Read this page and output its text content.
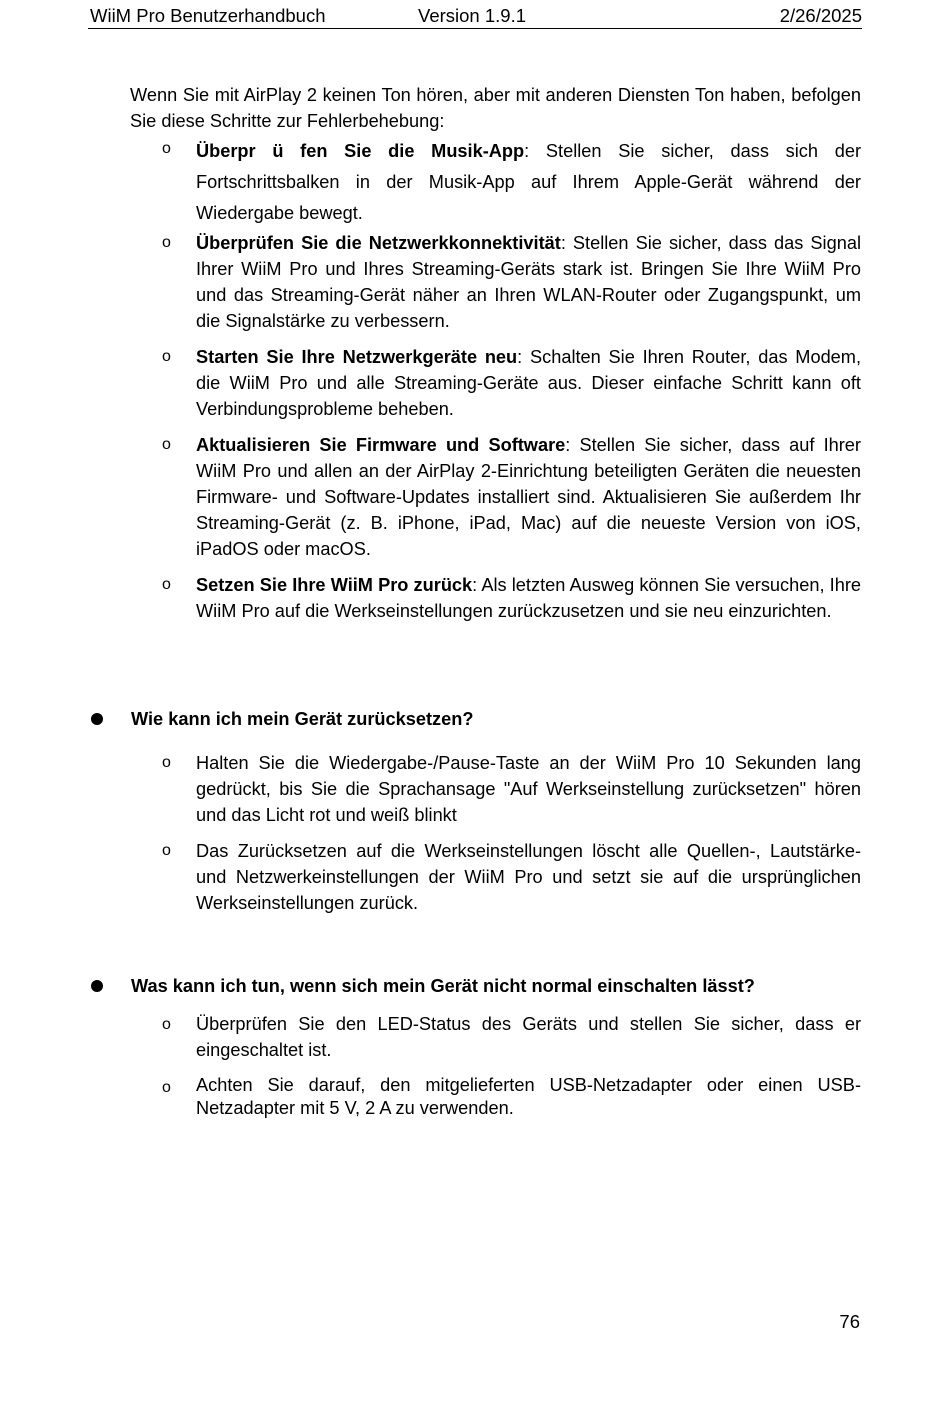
WiiM Pro Benutzerhandbuch	Version 1.9.1	2/26/2025

Wenn Sie mit AirPlay 2 keinen Ton hören, aber mit anderen Diensten Ton haben, befolgen Sie diese Schritte zur Fehlerbehebung:

o Überpr ü fen Sie die Musik-App: Stellen Sie sicher, dass sich der Fortschrittsbalken in der Musik-App auf Ihrem Apple-Gerät während der Wiedergabe bewegt.
o Überprüfen Sie die Netzwerkkonnektivität: Stellen Sie sicher, dass das Signal Ihrer WiiM Pro und Ihres Streaming-Geräts stark ist. Bringen Sie Ihre WiiM Pro und das Streaming-Gerät näher an Ihren WLAN-Router oder Zugangspunkt, um die Signalstärke zu verbessern.
o Starten Sie Ihre Netzwerkgeräte neu: Schalten Sie Ihren Router, das Modem, die WiiM Pro und alle Streaming-Geräte aus. Dieser einfache Schritt kann oft Verbindungsprobleme beheben.
o Aktualisieren Sie Firmware und Software: Stellen Sie sicher, dass auf Ihrer WiiM Pro und allen an der AirPlay 2-Einrichtung beteiligten Geräten die neuesten Firmware- und Software-Updates installiert sind. Aktualisieren Sie außerdem Ihr Streaming-Gerät (z. B. iPhone, iPad, Mac) auf die neueste Version von iOS, iPadOS oder macOS.
o Setzen Sie Ihre WiiM Pro zurück: Als letzten Ausweg können Sie versuchen, Ihre WiiM Pro auf die Werkseinstellungen zurückzusetzen und sie neu einzurichten.
Wie kann ich mein Gerät zurücksetzen?
o Halten Sie die Wiedergabe-/Pause-Taste an der WiiM Pro 10 Sekunden lang gedrückt, bis Sie die Sprachansage "Auf Werkseinstellung zurücksetzen" hören und das Licht rot und weiß blinkt
o Das Zurücksetzen auf die Werkseinstellungen löscht alle Quellen-, Lautstärke- und Netzwerkeinstellungen der WiiM Pro und setzt sie auf die ursprünglichen Werkseinstellungen zurück.
Was kann ich tun, wenn sich mein Gerät nicht normal einschalten lässt?
o Überprüfen Sie den LED-Status des Geräts und stellen Sie sicher, dass er eingeschaltet ist.
o Achten Sie darauf, den mitgelieferten USB-Netzadapter oder einen USB-Netzadapter mit 5 V, 2 A zu verwenden.
76
